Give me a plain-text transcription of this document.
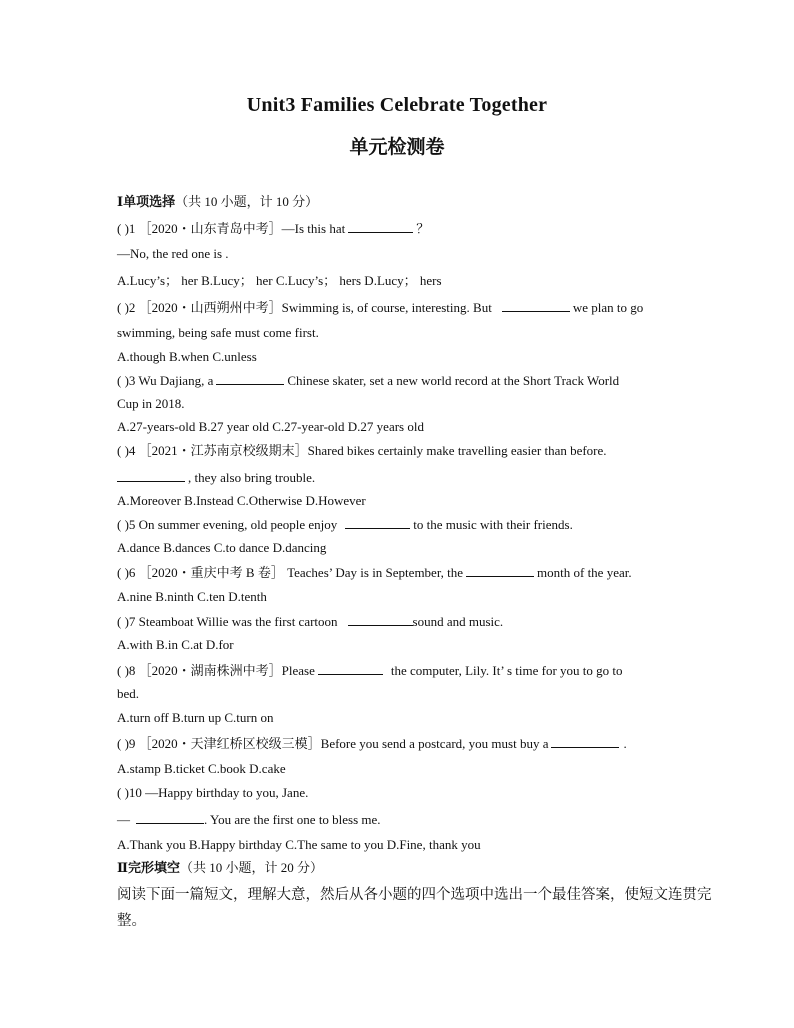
Unit3 Families Celebrate Together
单元检测卷
Ⅰ单项选择（共 10 小题，计 10 分）
( )1 ［2020・山东青岛中考］—Is this hat	？
—No, the red one is .
A.Lucy’s； her B.Lucy； her C.Lucy’s； hers D.Lucy； hers
( )2 ［2020・山西朔州中考］Swimming is, of course, interesting. But	we plan to go
swimming, being safe must come first.
A.though B.when C.unless
( )3 Wu Dajiang, a	Chinese skater, set a new world record at the Short Track World
Cup in 2018.
A.27-years-old B.27 year old C.27-year-old D.27 years old
( )4 ［2021・江苏南京校级期末］Shared bikes certainly make travelling easier than before.
, they also bring trouble.
A.Moreover B.Instead C.Otherwise D.However
( )5 On summer evening, old people enjoy	to the music with their friends.
A.dance B.dances C.to dance D.dancing
( )6 ［2020・重庆中考 B 卷］ Teaches’ Day is in September, the	month of the year.
A.nine B.ninth C.ten D.tenth
( )7 Steamboat Willie was the first cartoon	sound and music.
A.with B.in C.at D.for
( )8 ［2020・湖南株洲中考］Please	the computer, Lily. It’ s time for you to go to
bed.
A.turn off B.turn up C.turn on
( )9 ［2020・天津红桥区校级三模］Before you send a postcard, you must buy a	.
A.stamp B.ticket C.book D.cake
( )10 —Happy birthday to you, Jane.
—	. You are the first one to bless me.
A.Thank you B.Happy birthday C.The same to you D.Fine, thank you
Ⅱ完形填空（共 10 小题，计 20 分）
阅读下面一篇短文，理解大意，然后从各小题的四个选项中选出一个最佳答案，使短文连贯完
整。
